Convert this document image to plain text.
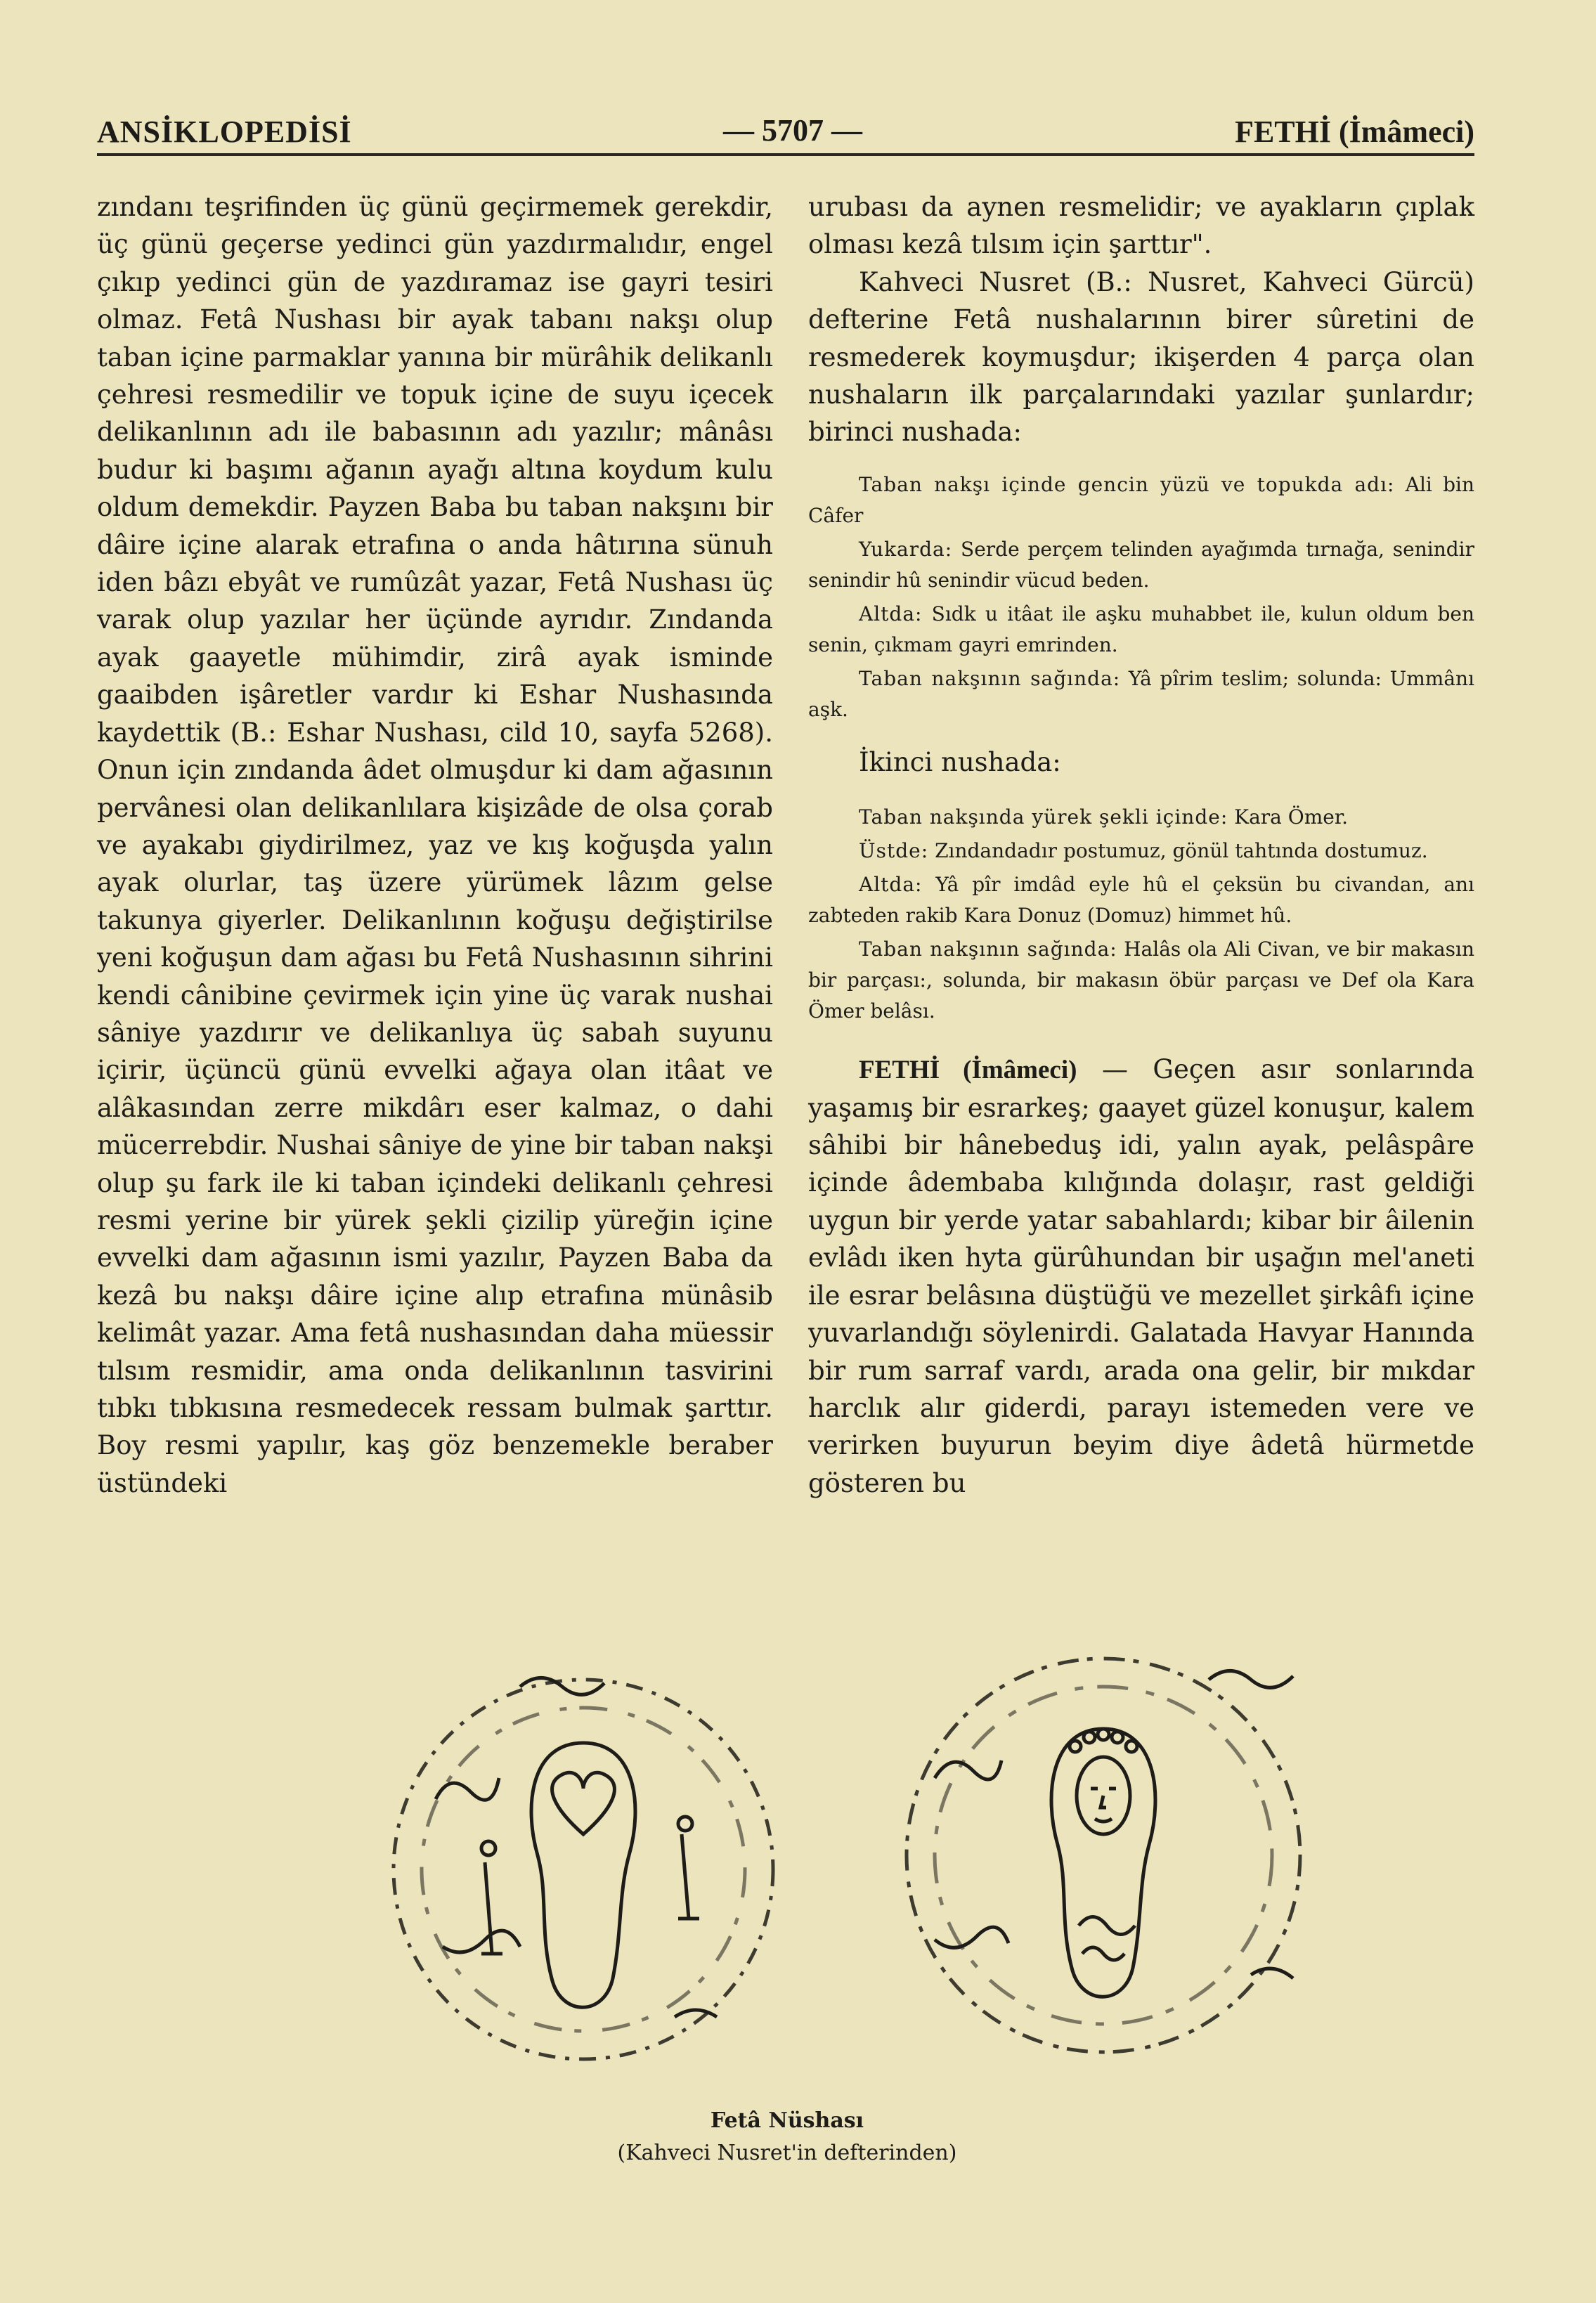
ANSİKLOPEDİSİ	— 5707 —	FETHİ (İmâmeci)

zındanı teşrifinden üç günü geçirmemek gerekdir, üç günü geçerse yedinci gün yazdırmalıdır, engel çıkıp yedinci gün de yazdıramaz ise gayri tesiri olmaz. Fetâ Nushası bir ayak tabanı nakşı olup taban içine parmaklar yanına bir mürâhik delikanlı çehresi resmedilir ve topuk içine de suyu içecek delikanlının adı ile babasının adı yazılır; mânâsı budur ki başımı ağanın ayağı altına koydum kulu oldum demekdir. Payzen Baba bu taban nakşını bir dâire içine alarak etrafına o anda hâtırına sünuh iden bâzı ebyât ve rumûzât yazar, Fetâ Nushası üç varak olup yazılar her üçünde ayrıdır. Zındanda ayak gaayetle mühimdir, zirâ ayak isminde gaaibden işâretler vardır ki Eshar Nushasında kaydettik (B.: Eshar Nushası, cild 10, sayfa 5268). Onun için zındanda âdet olmuşdur ki dam ağasının pervânesi olan delikanlılara kişizâde de olsa çorab ve ayakabı giydirilmez, yaz ve kış koğuşda yalın ayak olurlar, taş üzere yürümek lâzım gelse takunya giyerler. Delikanlının koğuşu değiştirilse yeni koğuşun dam ağası bu Fetâ Nushasının sihrini kendi cânibine çevirmek için yine üç varak nushai sâniye yazdırır ve delikanlıya üç sabah suyunu içirir, üçüncü günü evvelki ağaya olan itâat ve alâkasından zerre mikdârı eser kalmaz, o dahi mücerrebdir. Nushai sâniye de yine bir taban nakşi olup şu fark ile ki taban içindeki delikanlı çehresi resmi yerine bir yürek şekli çizilip yüreğin içine evvelki dam ağasının ismi yazılır, Payzen Baba da kezâ bu nakşı dâire içine alıp etrafına münâsib kelimât yazar. Ama fetâ nushasından daha müessir tılsım resmidir, ama onda delikanlının tasvirini tıbkı tıbkısına resmedecek ressam bulmak şarttır. Boy resmi yapılır, kaş göz benzemekle beraber üstündeki

urubası da aynen resmelidir; ve ayakların çıplak olması kezâ tılsım için şarttır".

Kahveci Nusret (B.: Nusret, Kahveci Gürcü) defterine Fetâ nushalarının birer sûretini de resmederek koymuşdur; ikişerden 4 parça olan nushaların ilk parçalarındaki yazılar şunlardır; birinci nushada:

Taban nakşı içinde gencin yüzü ve topukda adı: Ali bin Câfer

Yukarda: Serde perçem telinden ayağımda tırnağa, senindir senindir hû senindir vücud beden.

Altda: Sıdk u itâat ile aşku muhabbet ile, kulun oldum ben senin, çıkmam gayri emrinden.

Taban nakşının sağında: Yâ pîrim teslim; solunda: Ummânı aşk.

İkinci nushada:

Taban nakşında yürek şekli içinde: Kara Ömer.

Üstde: Zındandadır postumuz, gönül tahtında dostumuz.

Altda: Yâ pîr imdâd eyle hû el çeksün bu civandan, anı zabteden rakib Kara Donuz (Domuz) himmet hû.

Taban nakşının sağında: Halâs ola Ali Civan, ve bir makasın bir parçası:, solunda, bir makasın öbür parçası ve Def ola Kara Ömer belâsı.

FETHİ (İmâmeci) — Geçen asır sonlarında yaşamış bir esrarkeş; gaayet güzel konuşur, kalem sâhibi bir hânebeduş idi, yalın ayak, pelâspâre içinde âdembaba kılığında dolaşır, rast geldiği uygun bir yerde yatar sabahlardı; kibar bir âilenin evlâdı iken hyta gürûhundan bir uşağın mel'aneti ile esrar belâsına düştüğü ve mezellet şirkâfı içine yuvarlandığı söylenirdi. Galatada Havyar Hanında bir rum sarraf vardı, arada ona gelir, bir mıkdar harclık alır giderdi, parayı istemeden vere ve verirken buyurun beyim diye âdetâ hürmetde gösteren bu

Fetâ Nüshası
(Kahveci Nusret'in defterinden)
